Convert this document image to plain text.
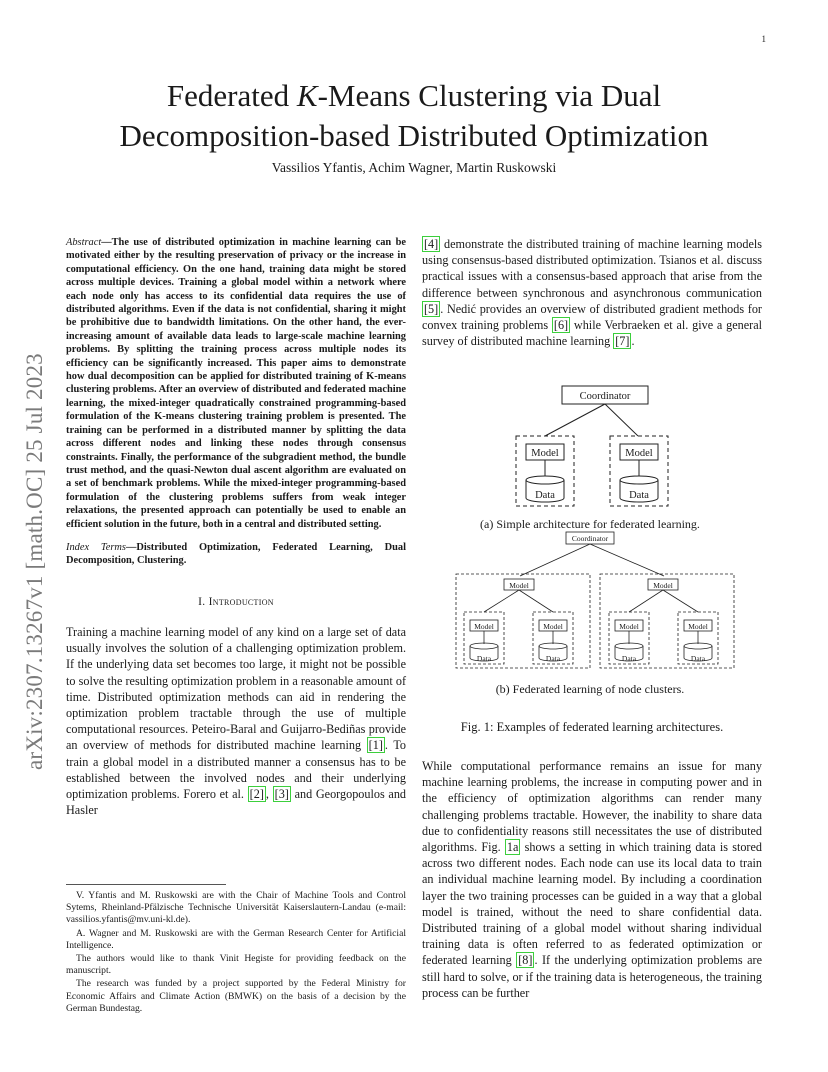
1
arXiv:2307.13267v1 [math.OC] 25 Jul 2023
Federated K-Means Clustering via Dual
Decomposition-based Distributed Optimization
Vassilios Yfantis, Achim Wagner, Martin Ruskowski

Abstract—The use of distributed optimization in machine learning can be motivated either by the resulting preservation of privacy or the increase in computational efficiency. On the one hand, training data might be stored across multiple devices. Training a global model within a network where each node only has access to its confidential data requires the use of distributed algorithms. Even if the data is not confidential, sharing it might be prohibitive due to bandwidth limitations. On the other hand, the ever-increasing amount of available data leads to large-scale machine learning problems. By splitting the training process across multiple nodes its efficiency can be significantly increased. This paper aims to demonstrate how dual decomposition can be applied for distributed training of K-means clustering problems. After an overview of distributed and federated machine learning, the mixed-integer quadratically constrained programming-based formulation of the K-means clustering training problem is presented. The training can be performed in a distributed manner by splitting the data across different nodes and linking these nodes through consensus constraints. Finally, the performance of the subgradient method, the bundle trust method, and the quasi-Newton dual ascent algorithm are evaluated on a set of benchmark problems. While the mixed-integer programming-based formulation of the clustering problems suffers from weak integer relaxations, the presented approach can potentially be used to enable an efficient solution in the future, both in a central and distributed setting.

Index Terms—Distributed Optimization, Federated Learning, Dual Decomposition, Clustering.

I. Introduction

Training a machine learning model of any kind on a large set of data usually involves the solution of a challenging optimization problem. If the underlying data set becomes too large, it might not be possible to solve the resulting optimization problem in a reasonable amount of time. Distributed optimization methods can aid in rendering the optimization problem tractable through the use of multiple computational resources. Peteiro-Baral and Guijarro-Bediñas provide an overview of methods for distributed machine learning [1] . To train a global model in a distributed manner a consensus has to be established between the involved nodes and their underlying optimization problems. Forero et al. [2] , [3] and Georgopoulos and Hasler

V. Yfantis and M. Ruskowski are with the Chair of Machine Tools and Control Sytems, Rheinland-Pfälzische Technische Universität Kaiserslautern-Landau (e-mail: vassilios.yfantis@mv.uni-kl.de).

A. Wagner and M. Ruskowski are with the German Research Center for Artificial Intelligence.

The authors would like to thank Vinit Hegiste for providing feedback on the manuscript.

The research was funded by a project supported by the Federal Ministry for Economic Affairs and Climate Action (BMWK) on the basis of a decision by the German Bundestag.

[4] demonstrate the distributed training of machine learning models using consensus-based distributed optimization. Tsianos et al. discuss practical issues with a consensus-based approach that arise from the difference between synchronous and asynchronous communication [5] . Nedić provides an overview of distributed gradient methods for convex training problems [6] while Verbraeken et al. give a general survey of distributed machine learning [7] .

Coordinator
Model	Model
Data	Data
Coordinator
Model	Model
Model	Model	Model	Model
Data	Data	Data	Data
(a) Simple architecture for federated learning.
(b) Federated learning of node clusters.
Fig. 1: Examples of federated learning architectures.

While computational performance remains an issue for many machine learning problems, the increase in computing power and in the efficiency of optimization algorithms can render many challenging problems tractable. However, the inability to share data due to confidentiality reasons still necessitates the use of distributed algorithms. Fig. 1a shows a setting in which training data is stored across two different nodes. Each node can use its local data to train an individual machine learning model. By including a coordination layer the two training processes can be guided in a way that a global model is trained, without the need to share confidential data. Distributed training of a global model without sharing individual training data is often referred to as federated optimization or federated learning [8] . If the underlying optimization problems are still hard to solve, or if the training data is heterogeneous, the training process can be further
